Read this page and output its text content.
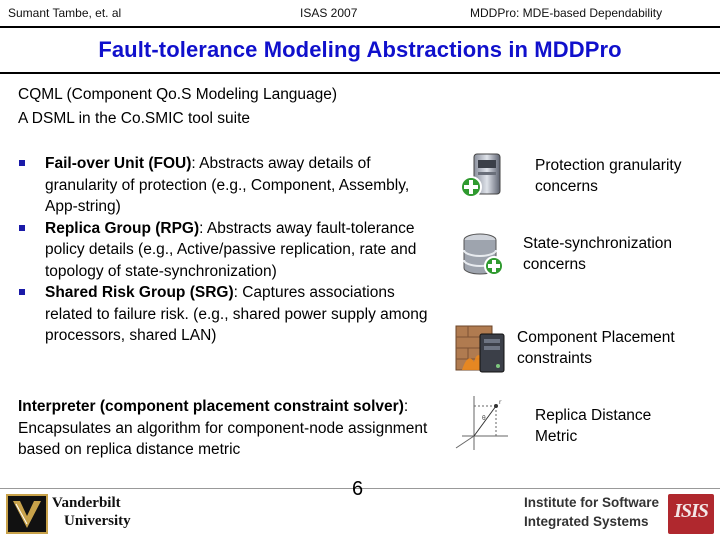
Sumant Tambe, et. al	ISAS 2007	MDDPro: MDE-based Dependability
Fault-tolerance Modeling Abstractions in MDDPro
CQML (Component Qo.S Modeling Language)
A DSML in the Co.SMIC tool suite
Fail-over Unit (FOU): Abstracts away details of granularity of protection (e.g., Component, Assembly, App-string)
Replica Group (RPG): Abstracts away fault-tolerance policy details (e.g., Active/passive replication, rate and topology of state-synchronization)
Shared Risk Group (SRG): Captures associations related to failure risk. (e.g., shared power supply among processors, shared LAN)
Interpreter (component placement constraint solver): Encapsulates an algorithm for component-node assignment based on replica distance metric
r
θ
Protection granularity
concerns
State-synchronization
concerns
Component Placement
constraints
Replica Distance
Metric
Vanderbilt
University
6
Institute for Software
Integrated Systems	ISIS
